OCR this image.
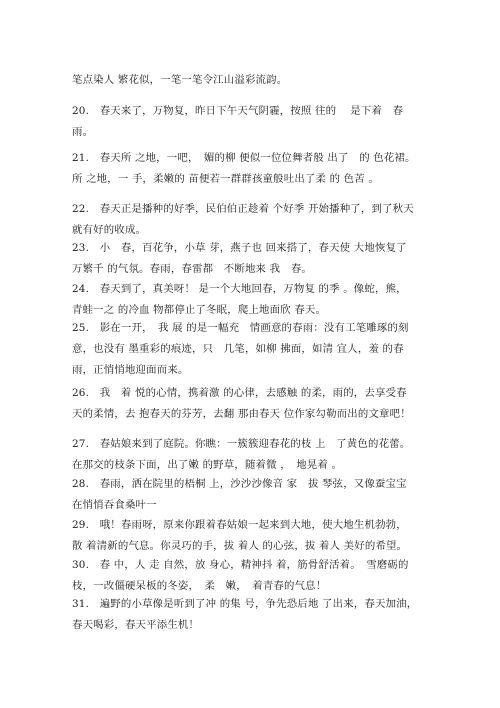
笔点染人 繁花似，一笔一笔令江山溢彩流韵。

20.　春天来了，万物复，昨日下午天气阴霾，按照 往的　 是下着　春雨。

21.　春天所 之地，一吧，　媚的柳 便似一位位舞者般 出了　的 色花裙。所 之地，一 手，柔嫩的 苗便若一群群孩童般吐出了柔 的 色苦 。

22.　春天正是播种的好季，民伯伯正趁着 个好季 开始播种了，到了秋天就有好的收成。

23.　小　春，百花争，小草 芽，燕子也 回来搭了，春天使 大地恢复了万繁千 的气氛。春雨，春雷都　不断地来 我　春。

24.　春天到了，真美呀！ 是一个大地回春，万物复 的季 。像蛇，熊，青蛙一之 的冷血 物都停止了冬眠，爬上地面欣 春天。

25.　影在一开，　我 展 的是一幅充　情画意的春雨：没有工笔雕琢的刻意，也没有 墨重彩的痕迹，只　几笔，如柳 拂面，如清 宜人，羞 的春雨，正悄悄地迎面而来。

26.　我　着 悦的心情，携着激 的心律，去感触 的柔，雨的，去享受春天的柔情，去 抱春天的芬芳，去翻 那由春天 位作家勾勒而出的文章吧！

27.　春姑娘来到了庭院。你瞧：一簇簇迎春花的枝 上　了黄色的花蕾。在那交的枝条下面，出了嫩 的野草，随着微 ，　地晃着 。

28.　春雨，洒在院里的梧桐 上，沙沙沙像音 家　拔 琴弦，又像蚕宝宝在悄悄吞食桑叶一

29.　哦！春雨呀，原来你跟着春姑娘一起来到大地，使大地生机勃勃，散 着清新的气息。你灵巧的手，拔 着人 的心弦，拔 着人 美好的希望。

30.　春 中，人 走 自然，放 身心，精神抖 着，筋骨舒活着。　雪磨砺的 枝，一改僵硬呆板的冬姿，　柔　嫩，　着青春的气息！

31.　遍野的小草像是听到了冲 的集 号，争先恐后地 了出来，春天加油，　春天喝彩，春天平添生机！
